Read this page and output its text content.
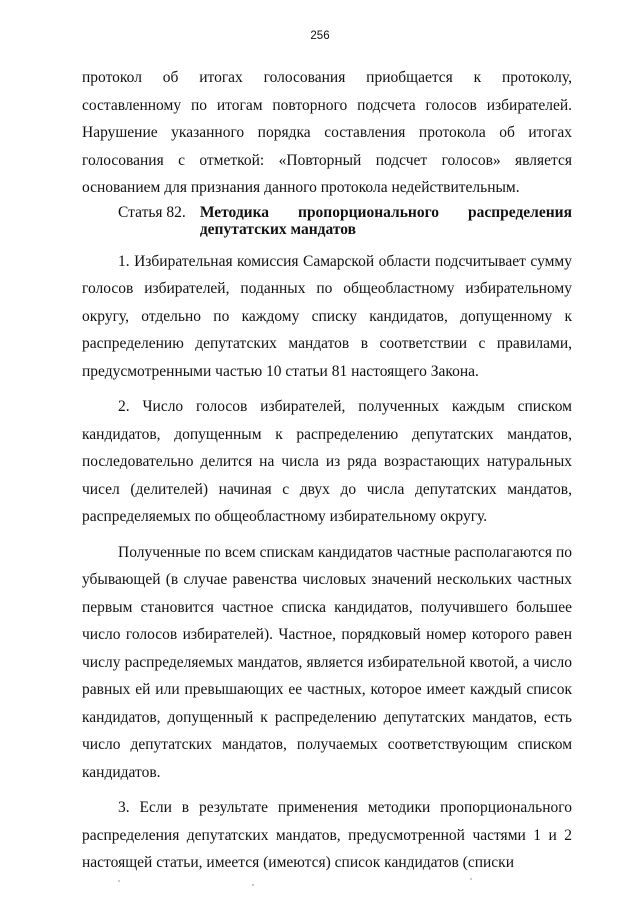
256

протокол об итогах голосования приобщается к протоколу, составленному по итогам повторного подсчета голосов избирателей. Нарушение указанного порядка составления протокола об итогах голосования с отметкой: «Повторный подсчет голосов» является основанием для признания данного протокола недействительным.

Статья 82. Методика пропорционального распределения депутатских мандатов

1. Избирательная комиссия Самарской области подсчитывает сумму голосов избирателей, поданных по общеобластному избирательному округу, отдельно по каждому списку кандидатов, допущенному к распределению депутатских мандатов в соответствии с правилами, предусмотренными частью 10 статьи 81 настоящего Закона.

2. Число голосов избирателей, полученных каждым списком кандидатов, допущенным к распределению депутатских мандатов, последовательно делится на числа из ряда возрастающих натуральных чисел (делителей) начиная с двух до числа депутатских мандатов, распределяемых по общеобластному избирательному округу.

Полученные по всем спискам кандидатов частные располагаются по убывающей (в случае равенства числовых значений нескольких частных первым становится частное списка кандидатов, получившего большее число голосов избирателей). Частное, порядковый номер которого равен числу распределяемых мандатов, является избирательной квотой, а число равных ей или превышающих ее частных, которое имеет каждый список кандидатов, допущенный к распределению депутатских мандатов, есть число депутатских мандатов, получаемых соответствующим списком кандидатов.

3. Если в результате применения методики пропорционального распределения депутатских мандатов, предусмотренной частями 1 и 2 настоящей статьи, имеется (имеются) список кандидатов (списки
